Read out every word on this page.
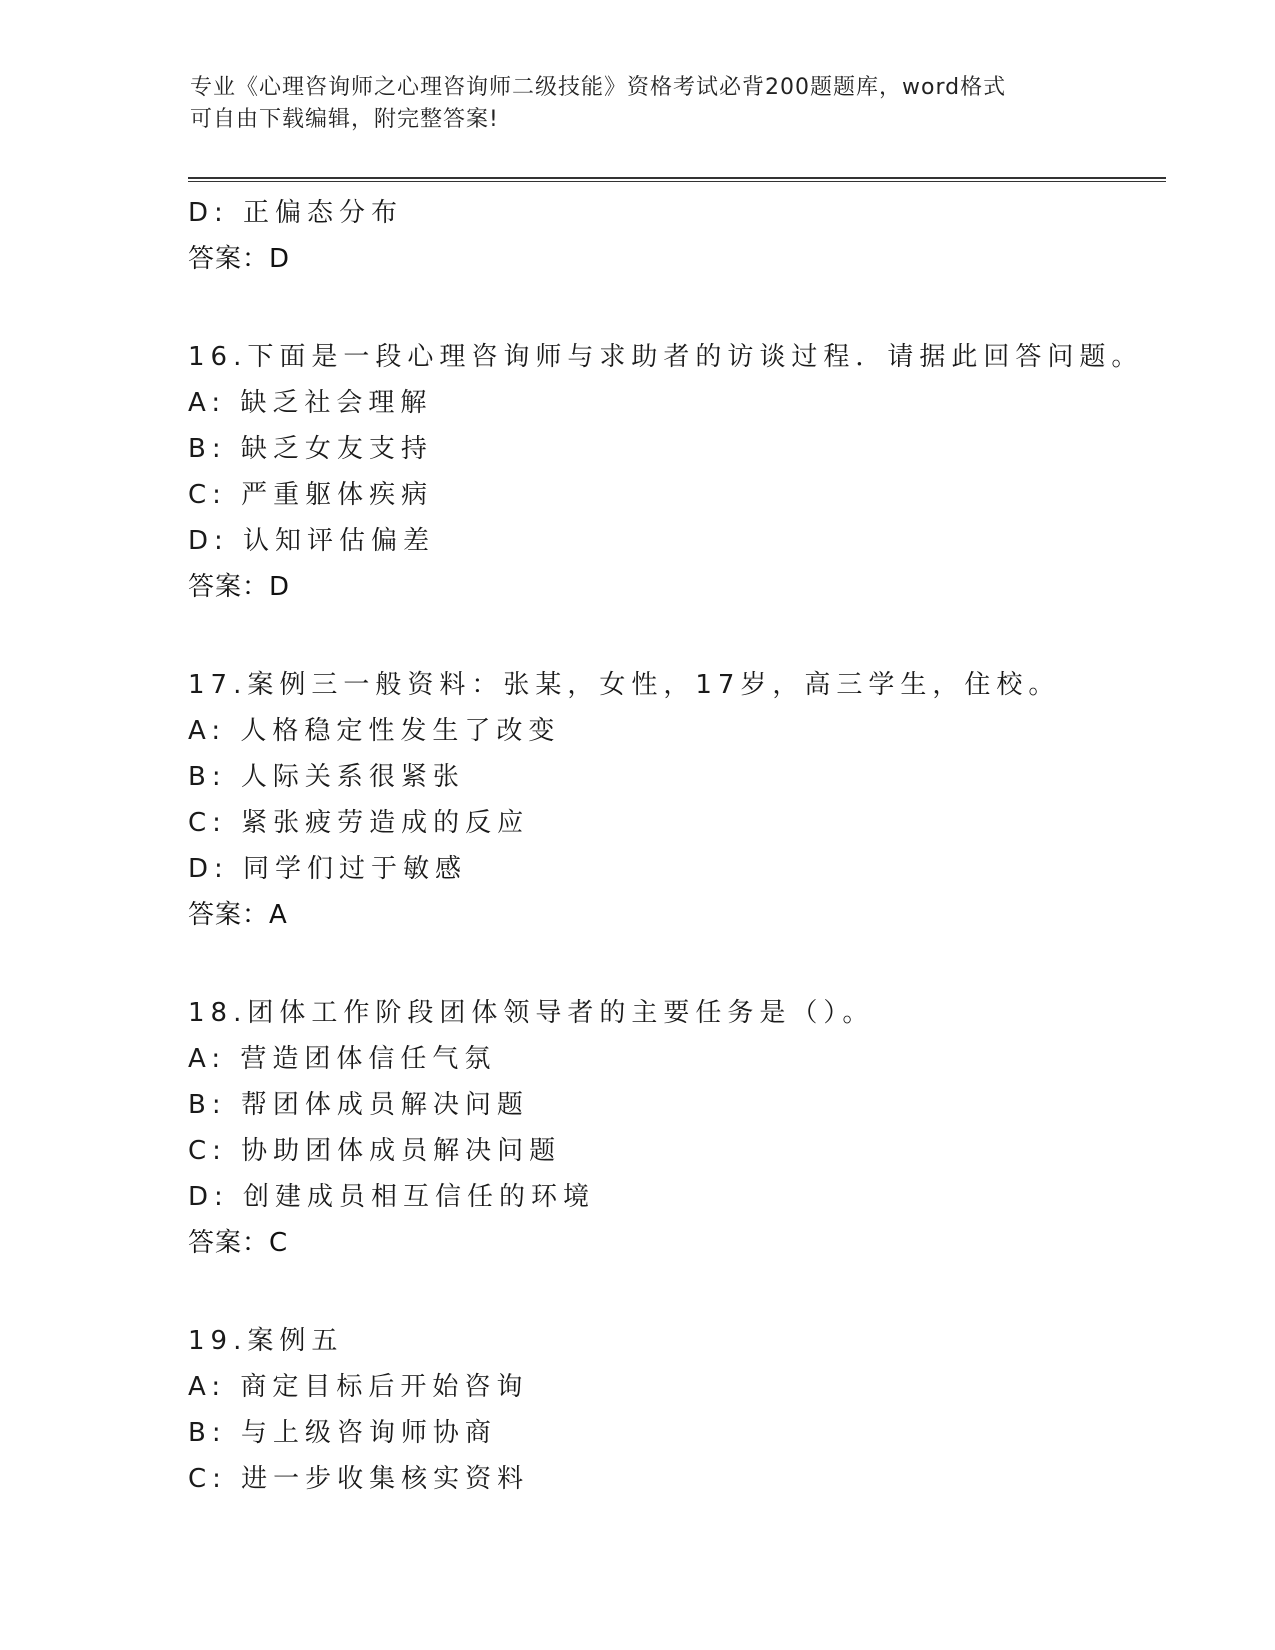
专业《心理咨询师之心理咨询师二级技能》资格考试必背200题题库，word格式
可自由下载编辑，附完整答案!
D: 正偏态分布
答案：D
16.下面是一段心理咨询师与求助者的访谈过程．请据此回答问题。
A: 缺乏社会理解
B: 缺乏女友支持
C: 严重躯体疾病
D: 认知评估偏差
答案：D
17.案例三一般资料：张某，女性，17岁，高三学生，住校。
A: 人格稳定性发生了改变
B: 人际关系很紧张
C: 紧张疲劳造成的反应
D: 同学们过于敏感
答案：A
18.团体工作阶段团体领导者的主要任务是（）。
A: 营造团体信任气氛
B: 帮团体成员解决问题
C: 协助团体成员解决问题
D: 创建成员相互信任的环境
答案：C
19.案例五
A: 商定目标后开始咨询
B: 与上级咨询师协商
C: 进一步收集核实资料
